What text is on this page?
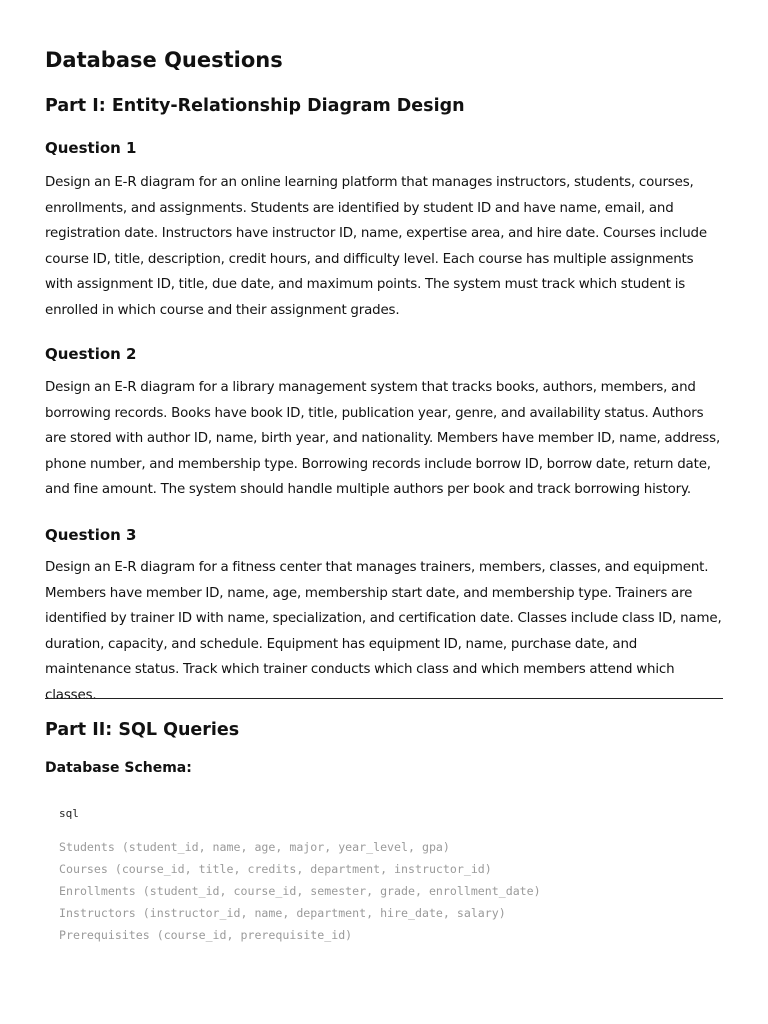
Database Questions
Part I: Entity-Relationship Diagram Design
Question 1

Design an E-R diagram for an online learning platform that manages instructors, students, courses, enrollments, and assignments. Students are identified by student ID and have name, email, and registration date. Instructors have instructor ID, name, expertise area, and hire date. Courses include course ID, title, description, credit hours, and difficulty level. Each course has multiple assignments with assignment ID, title, due date, and maximum points. The system must track which student is enrolled in which course and their assignment grades.

Question 2

Design an E-R diagram for a library management system that tracks books, authors, members, and borrowing records. Books have book ID, title, publication year, genre, and availability status. Authors are stored with author ID, name, birth year, and nationality. Members have member ID, name, address, phone number, and membership type. Borrowing records include borrow ID, borrow date, return date, and fine amount. The system should handle multiple authors per book and track borrowing history.

Question 3

Design an E-R diagram for a fitness center that manages trainers, members, classes, and equipment. Members have member ID, name, age, membership start date, and membership type. Trainers are identified by trainer ID with name, specialization, and certification date. Classes include class ID, name, duration, capacity, and schedule. Equipment has equipment ID, name, purchase date, and maintenance status. Track which trainer conducts which class and which members attend which classes.

Part II: SQL Queries
Database Schema:
sql
Students (student_id, name, age, major, year_level, gpa)
Courses (course_id, title, credits, department, instructor_id)
Enrollments (student_id, course_id, semester, grade, enrollment_date)
Instructors (instructor_id, name, department, hire_date, salary)
Prerequisites (course_id, prerequisite_id)
